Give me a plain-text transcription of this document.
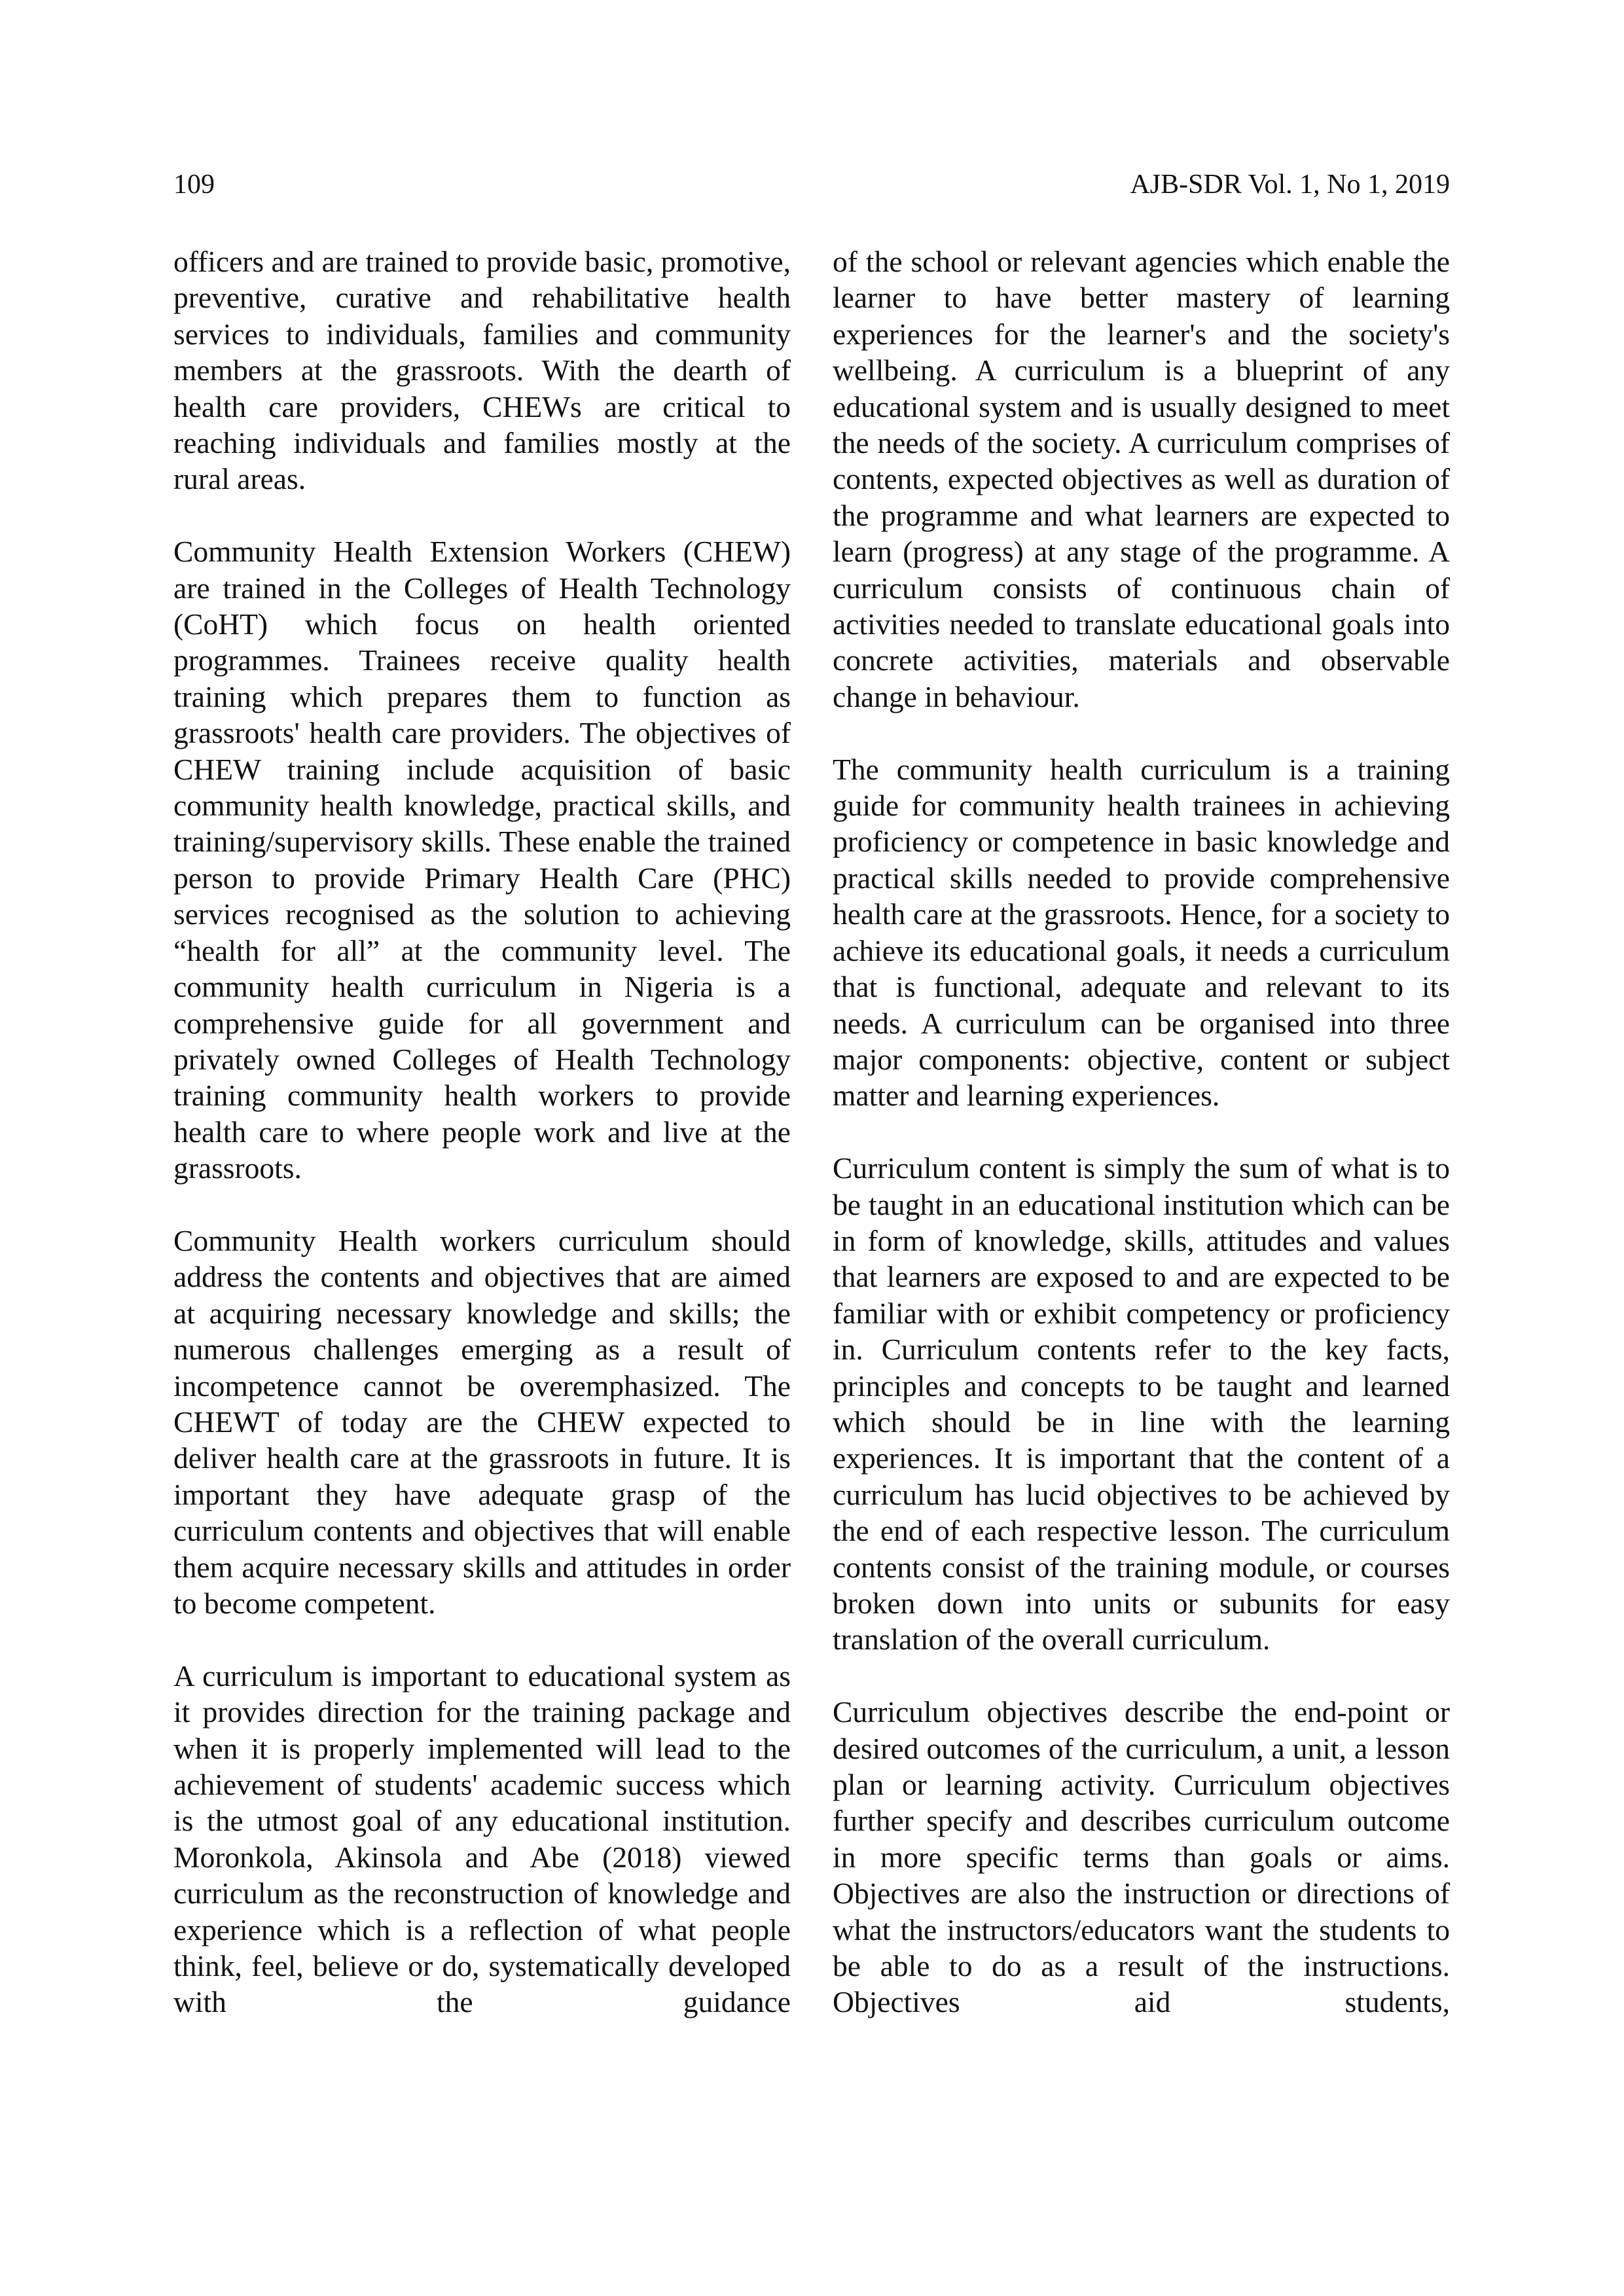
109	AJB-SDR Vol. 1, No 1, 2019

officers and are trained to provide basic, promotive, preventive, curative and rehabilitative health services to individuals, families and community members at the grassroots. With the dearth of health care providers, CHEWs are critical to reaching individuals and families mostly at the rural areas.

Community Health Extension Workers (CHEW) are trained in the Colleges of Health Technology (CoHT) which focus on health oriented programmes. Trainees receive quality health training which prepares them to function as grassroots' health care providers. The objectives of CHEW training include acquisition of basic community health knowledge, practical skills, and training/supervisory skills. These enable the trained person to provide Primary Health Care (PHC) services recognised as the solution to achieving “health for all” at the community level. The community health curriculum in Nigeria is a comprehensive guide for all government and privately owned Colleges of Health Technology training community health workers to provide health care to where people work and live at the grassroots.

Community Health workers curriculum should address the contents and objectives that are aimed at acquiring necessary knowledge and skills; the numerous challenges emerging as a result of incompetence cannot be overemphasized. The CHEWT of today are the CHEW expected to deliver health care at the grassroots in future. It is important they have adequate grasp of the curriculum contents and objectives that will enable them acquire necessary skills and attitudes in order to become competent.

A curriculum is important to educational system as it provides direction for the training package and when it is properly implemented will lead to the achievement of students' academic success which is the utmost goal of any educational institution. Moronkola, Akinsola and Abe (2018) viewed curriculum as the reconstruction of knowledge and experience which is a reflection of what people think, feel, believe or do, systematically developed with the guidance

of the school or relevant agencies which enable the learner to have better mastery of learning experiences for the learner's and the society's wellbeing. A curriculum is a blueprint of any educational system and is usually designed to meet the needs of the society. A curriculum comprises of contents, expected objectives as well as duration of the programme and what learners are expected to learn (progress) at any stage of the programme. A curriculum consists of continuous chain of activities needed to translate educational goals into concrete activities, materials and observable change in behaviour.

The community health curriculum is a training guide for community health trainees in achieving proficiency or competence in basic knowledge and practical skills needed to provide comprehensive health care at the grassroots. Hence, for a society to achieve its educational goals, it needs a curriculum that is functional, adequate and relevant to its needs. A curriculum can be organised into three major components: objective, content or subject matter and learning experiences.

Curriculum content is simply the sum of what is to be taught in an educational institution which can be in form of knowledge, skills, attitudes and values that learners are exposed to and are expected to be familiar with or exhibit competency or proficiency in. Curriculum contents refer to the key facts, principles and concepts to be taught and learned which should be in line with the learning experiences. It is important that the content of a curriculum has lucid objectives to be achieved by the end of each respective lesson. The curriculum contents consist of the training module, or courses broken down into units or subunits for easy translation of the overall curriculum.

Curriculum objectives describe the end-point or desired outcomes of the curriculum, a unit, a lesson plan or learning activity. Curriculum objectives further specify and describes curriculum outcome in more specific terms than goals or aims. Objectives are also the instruction or directions of what the instructors/educators want the students to be able to do as a result of the instructions. Objectives aid students,
